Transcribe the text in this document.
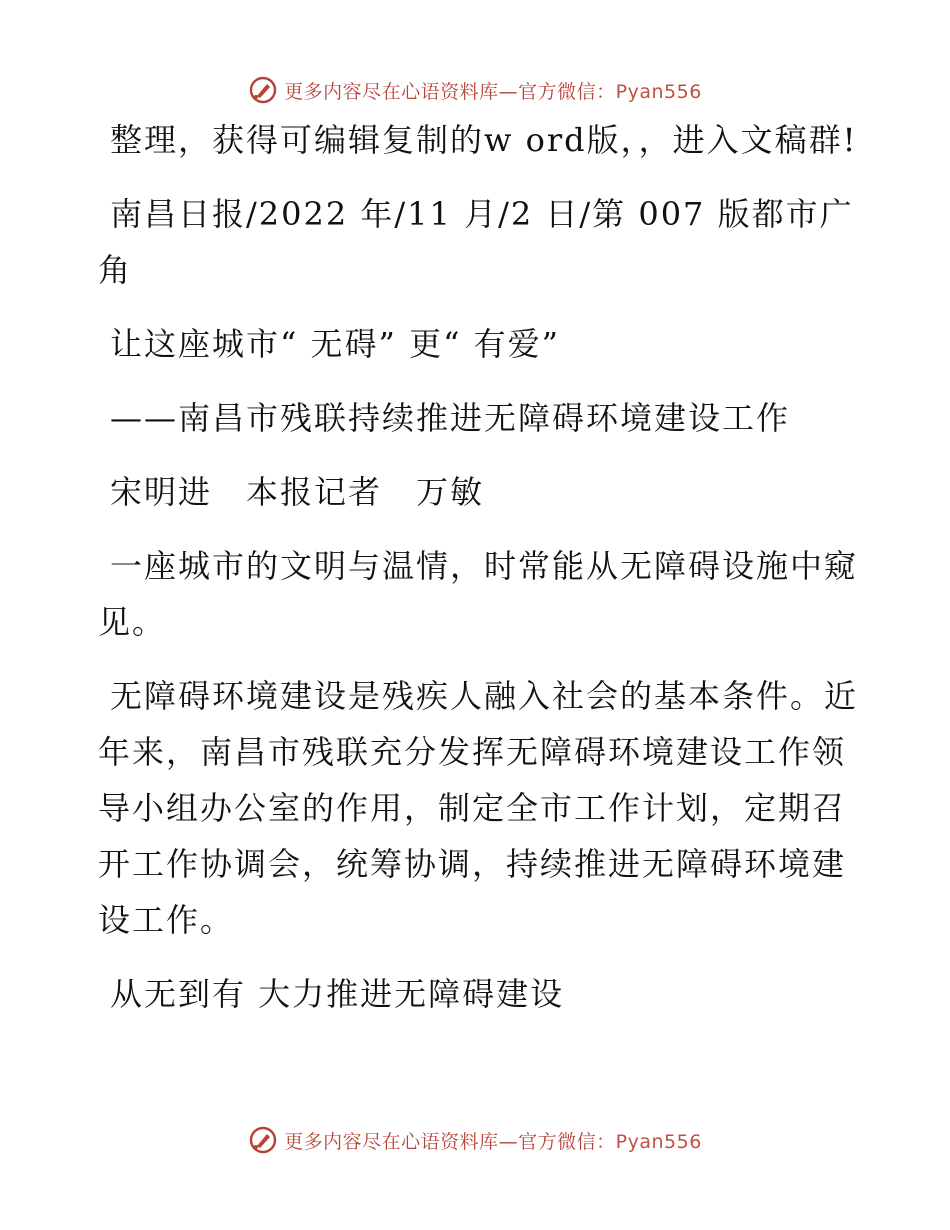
更多内容尽在心语资料库—官方微信：Pyan556

整理，获得可编辑复制的w ord版，，进入文稿群!

南昌日报/2022 年/11 月/2 日/第 007 版都市广角

让这座城市“ 无碍” 更“ 有爱”

——南昌市残联持续推进无障碍环境建设工作

宋明进　本报记者　万敏

一座城市的文明与温情，时常能从无障碍设施中窥见。

无障碍环境建设是残疾人融入社会的基本条件。近年来，南昌市残联充分发挥无障碍环境建设工作领导小组办公室的作用，制定全市工作计划，定期召开工作协调会，统筹协调，持续推进无障碍环境建设工作。

从无到有 大力推进无障碍建设

更多内容尽在心语资料库—官方微信：Pyan556
